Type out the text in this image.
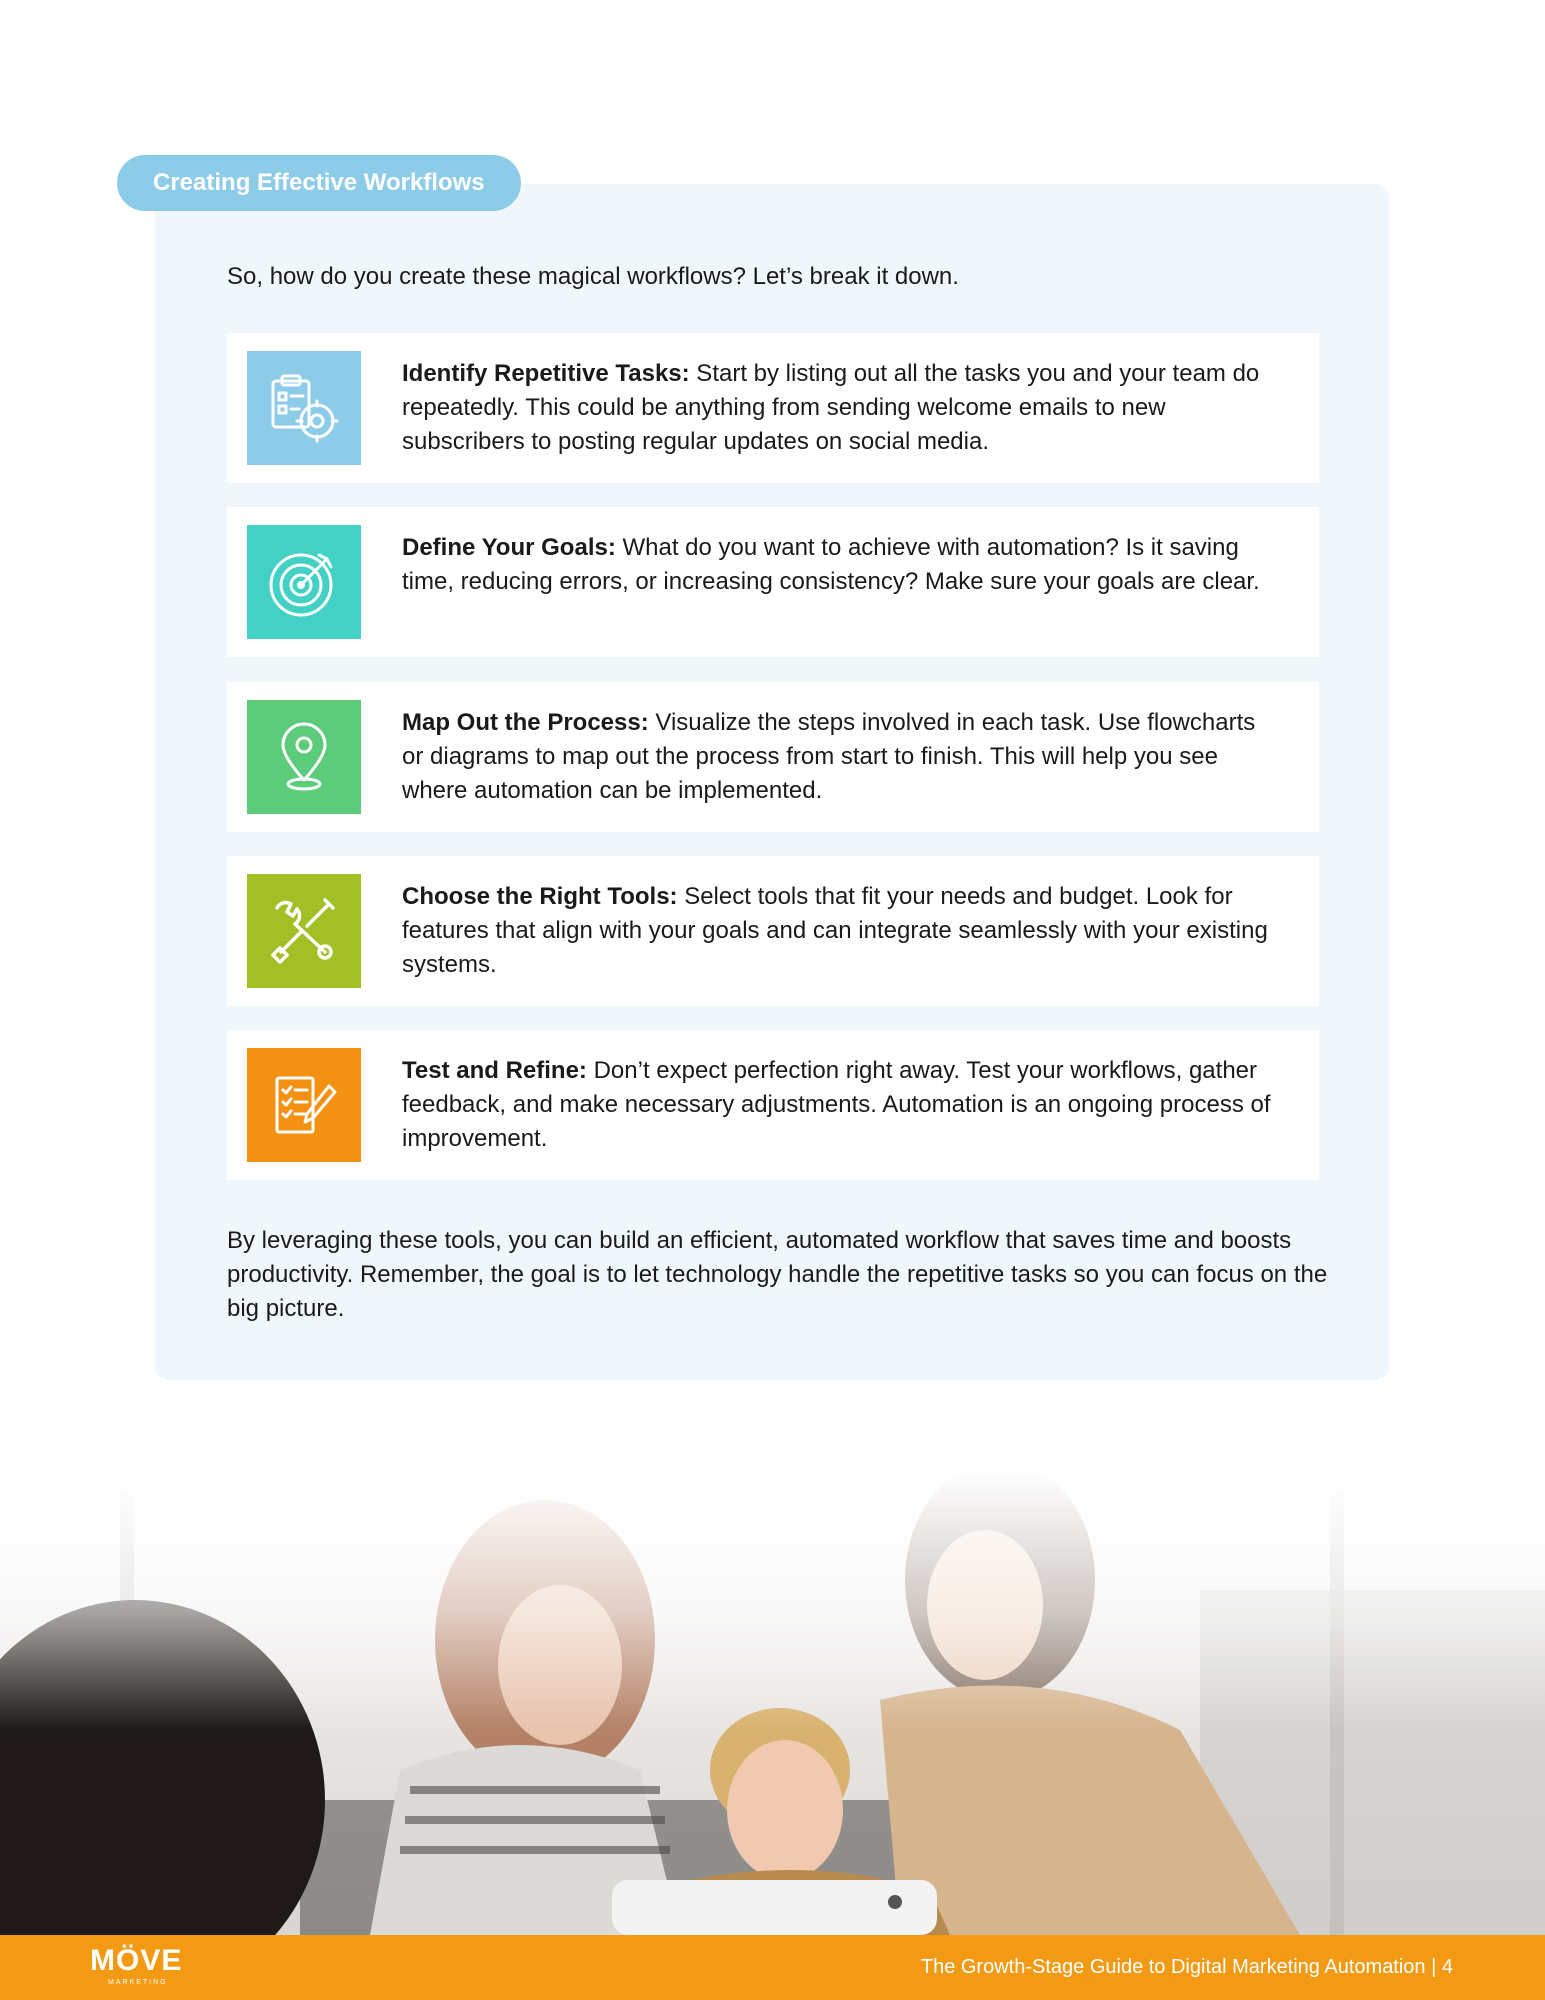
Creating Effective Workflows
So, how do you create these magical workflows? Let’s break it down.
Identify Repetitive Tasks: Start by listing out all the tasks you and your team do repeatedly. This could be anything from sending welcome emails to new subscribers to posting regular updates on social media.
Define Your Goals: What do you want to achieve with automation? Is it saving time, reducing errors, or increasing consistency? Make sure your goals are clear.
Map Out the Process: Visualize the steps involved in each task. Use flowcharts or diagrams to map out the process from start to finish. This will help you see where automation can be implemented.
Choose the Right Tools: Select tools that fit your needs and budget. Look for features that align with your goals and can integrate seamlessly with your existing systems.
Test and Refine: Don’t expect perfection right away. Test your workflows, gather feedback, and make necessary adjustments. Automation is an ongoing process of improvement.
By leveraging these tools, you can build an efficient, automated workflow that saves time and boosts productivity. Remember, the goal is to let technology handle the repetitive tasks so you can focus on the big picture.
MÖVE
MARKETING
The Growth-Stage Guide to Digital Marketing Automation | 4
